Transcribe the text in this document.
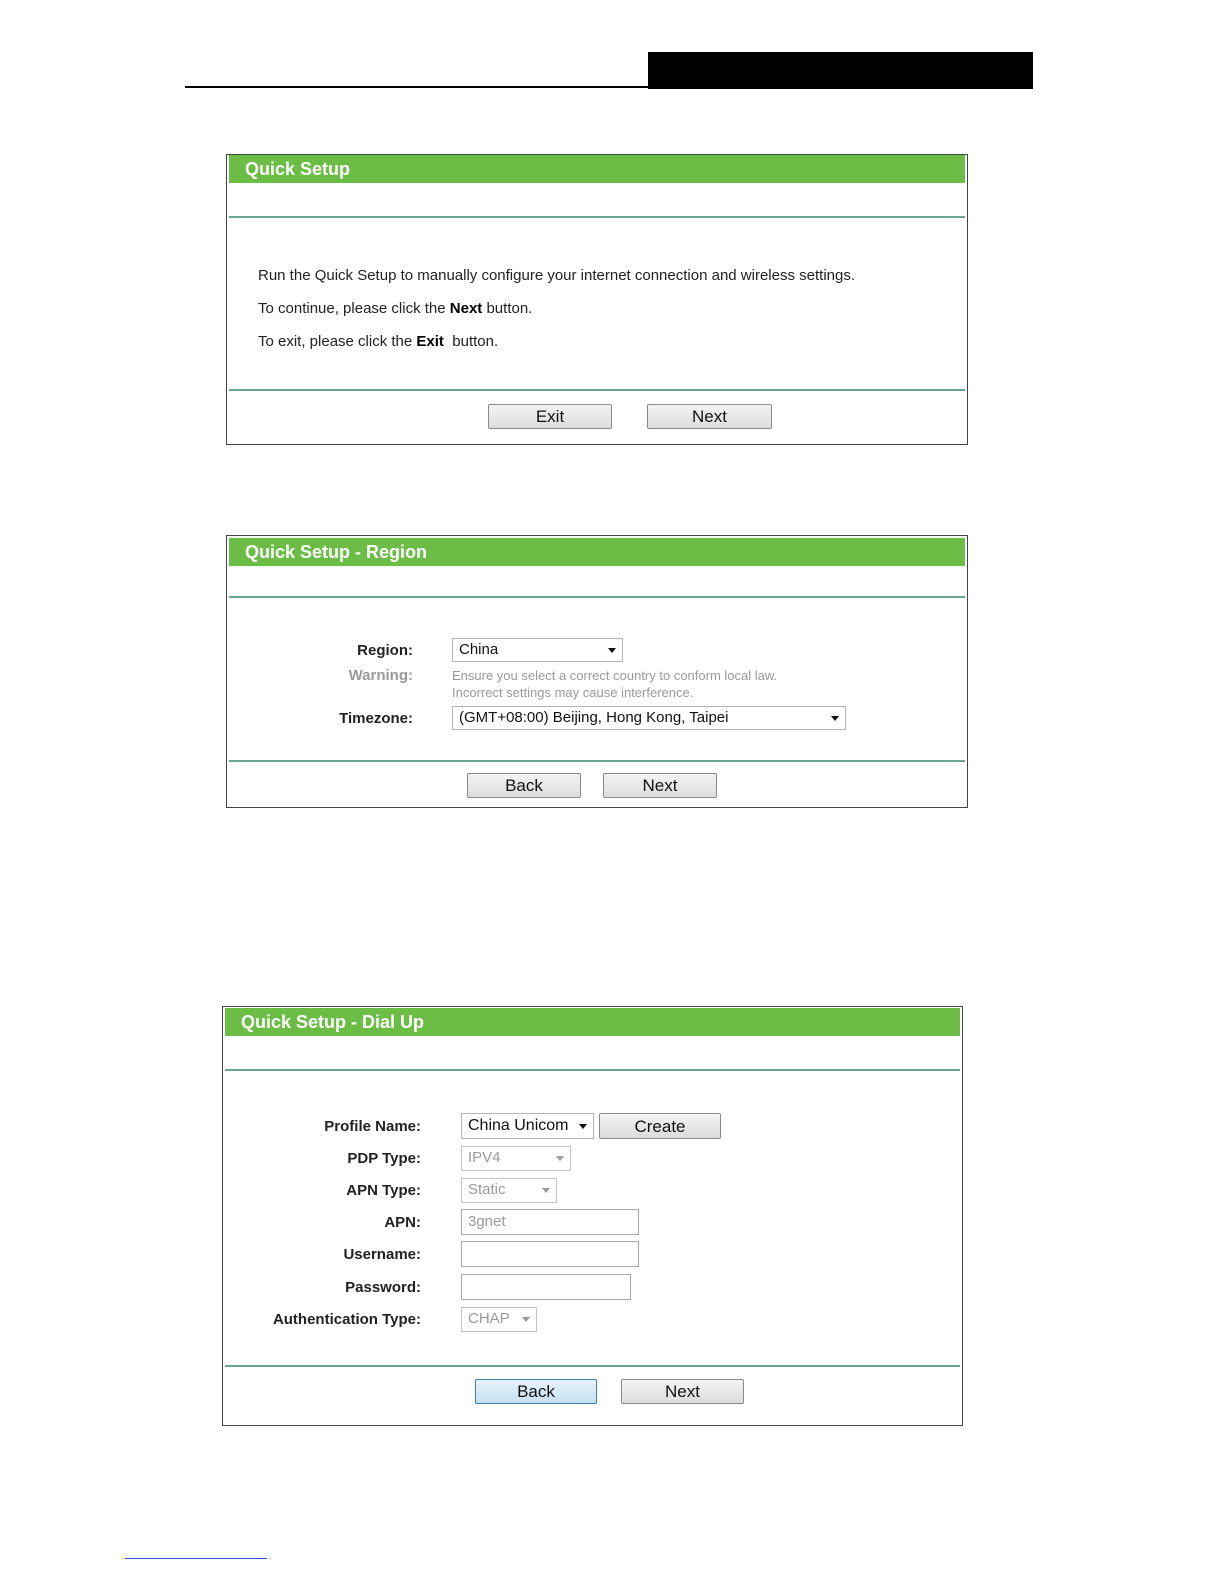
Quick Setup
Run the Quick Setup to manually configure your internet connection and wireless settings.
To continue, please click the Next button.
To exit, please click the Exit  button.
Exit	Next
Quick Setup - Region
Region:	China
Warning:	Ensure you select a correct country to conform local law.
Incorrect settings may cause interference.
Timezone:	(GMT+08:00) Beijing, Hong Kong, Taipei
Back	Next
Quick Setup - Dial Up
Profile Name:	China Unicom	Create
PDP Type:	IPV4
APN Type:	Static
APN:	3gnet
Username:
Password:
Authentication Type:	CHAP
Back	Next
